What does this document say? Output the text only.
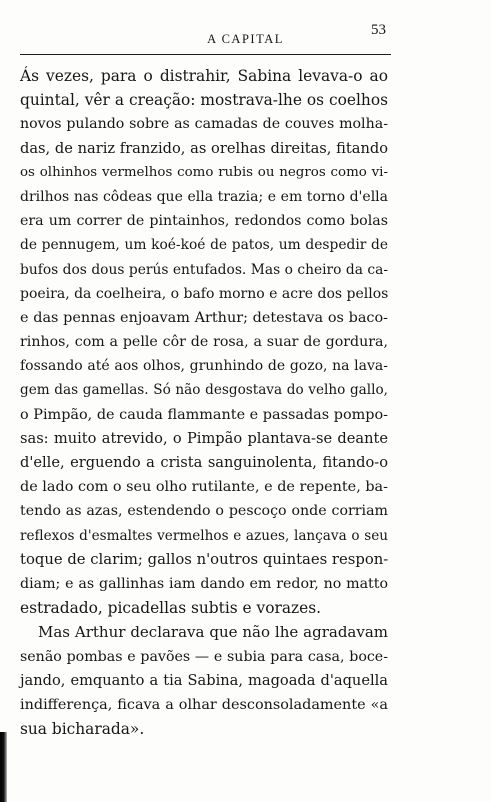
A CAPITAL
53
Ás vezes, para o distrahir, Sabina levava-o ao
quintal, vêr a creação: mostrava-lhe os coelhos
novos pulando sobre as camadas de couves molha-
das, de nariz franzido, as orelhas direitas, fitando
os olhinhos vermelhos como rubis ou negros como vi-
drilhos nas côdeas que ella trazia; e em torno d'ella
era um correr de pintainhos, redondos como bolas
de pennugem, um koé-koé de patos, um despedir de
bufos dos dous perús entufados. Mas o cheiro da ca-
poeira, da coelheira, o bafo morno e acre dos pellos
e das pennas enjoavam Arthur; detestava os baco-
rinhos, com a pelle côr de rosa, a suar de gordura,
fossando até aos olhos, grunhindo de gozo, na lava-
gem das gamellas. Só não desgostava do velho gallo,
o Pimpão, de cauda flammante e passadas pompo-
sas: muito atrevido, o Pimpão plantava-se deante
d'elle, erguendo a crista sanguinolenta, fitando-o
de lado com o seu olho rutilante, e de repente, ba-
tendo as azas, estendendo o pescoço onde corriam
reflexos d'esmaltes vermelhos e azues, lançava o seu
toque de clarim; gallos n'outros quintaes respon-
diam; e as gallinhas iam dando em redor, no matto
estradado, picadellas subtis e vorazes.
Mas Arthur declarava que não lhe agradavam
senão pombas e pavões — e subia para casa, boce-
jando, emquanto a tia Sabina, magoada d'aquella
indifferença, ficava a olhar desconsoladamente «a
sua bicharada».
